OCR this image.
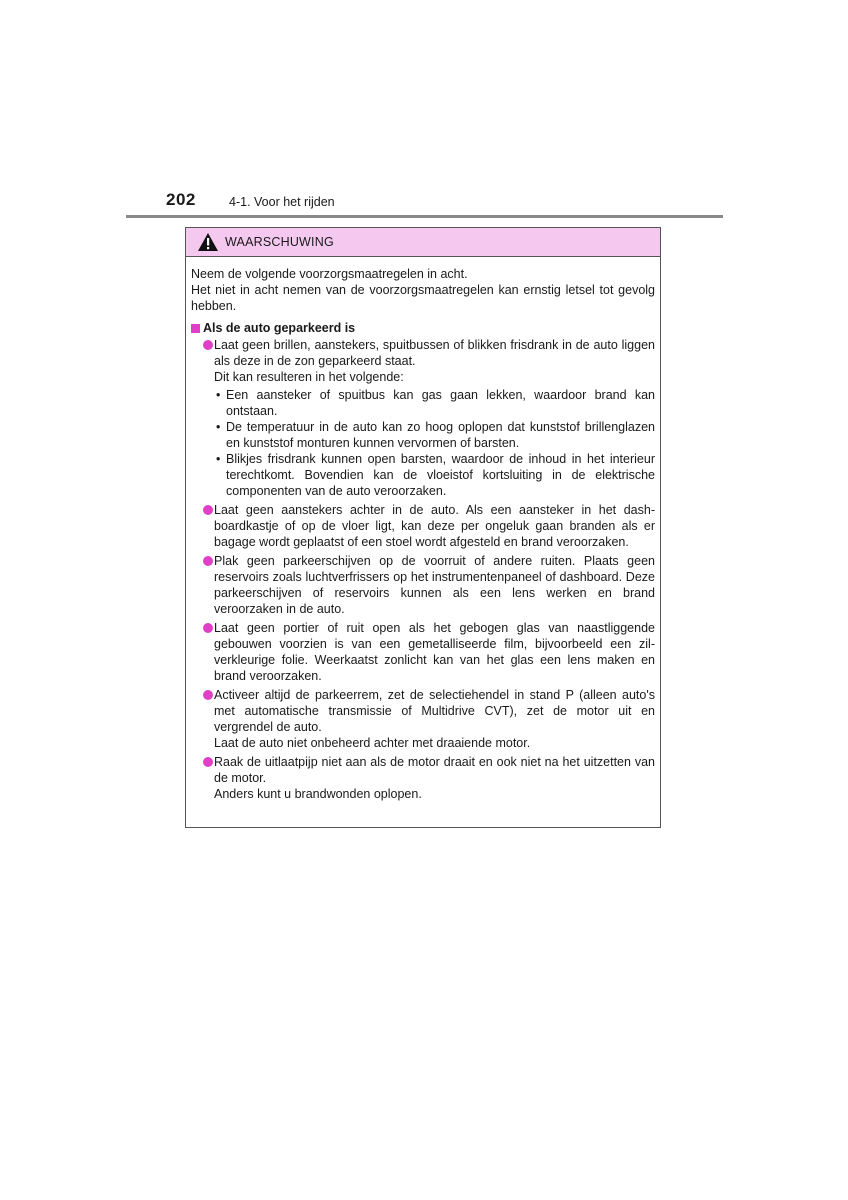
202	4-1. Voor het rijden
WAARSCHUWING

Neem de volgende voorzorgsmaatregelen in acht.

Het niet in acht nemen van de voorzorgsmaatregelen kan ernstig letsel tot gevolg hebben.

Als de auto geparkeerd is

Laat geen brillen, aanstekers, spuitbussen of blikken frisdrank in de auto liggen als deze in de zon geparkeerd staat.

Dit kan resulteren in het volgende:

• Een aansteker of spuitbus kan gas gaan lekken, waardoor brand kan ontstaan.
• De temperatuur in de auto kan zo hoog oplopen dat kunststof brillenglazen en kunststof monturen kunnen vervormen of barsten.
• Blikjes frisdrank kunnen open barsten, waardoor de inhoud in het interieur terechtkomt. Bovendien kan de vloeistof kortsluiting in de elektrische componenten van de auto veroorzaken.

Laat geen aanstekers achter in de auto. Als een aansteker in het dashboardkastje of op de vloer ligt, kan deze per ongeluk gaan branden als er bagage wordt geplaatst of een stoel wordt afgesteld en brand veroorzaken.

Plak geen parkeerschijven op de voorruit of andere ruiten. Plaats geen reservoirs zoals luchtverfrissers op het instrumentenpaneel of dashboard. Deze parkeerschijven of reservoirs kunnen als een lens werken en brand veroorzaken in de auto.

Laat geen portier of ruit open als het gebogen glas van naastliggende gebouwen voorzien is van een gemetalliseerde film, bijvoorbeeld een zilverkleurige folie. Weerkaatst zonlicht kan van het glas een lens maken en brand veroorzaken.

Activeer altijd de parkeerrem, zet de selectiehendel in stand P (alleen auto's met automatische transmissie of Multidrive CVT), zet de motor uit en vergrendel de auto.

Laat de auto niet onbeheerd achter met draaiende motor.

Raak de uitlaatpijp niet aan als de motor draait en ook niet na het uitzetten van de motor.

Anders kunt u brandwonden oplopen.
